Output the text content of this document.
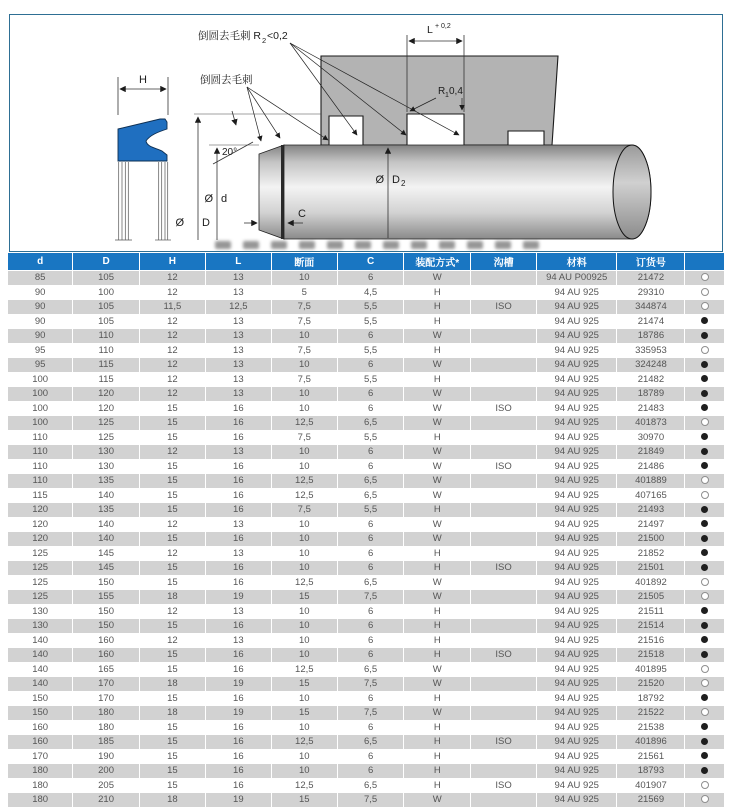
H
Ø D
Ø d
20°
倒圆去毛刺 R 2 <0,2
倒圆去毛刺
L + 0,2
R 1 0,4
Ø D 2
C
d	D	H	L	断面	C	装配方式*	沟槽	材料	订货号	
85	105	12	13	10	6	W		94 AU P00925	21472	
90	100	12	13	5	4,5	H		94 AU 925	29310	
90	105	11,5	12,5	7,5	5,5	H	ISO	94 AU 925	344874	
90	105	12	13	7,5	5,5	H		94 AU 925	21474	
90	110	12	13	10	6	W		94 AU 925	18786	
95	110	12	13	7,5	5,5	H		94 AU 925	335953	
95	115	12	13	10	6	W		94 AU 925	324248	
100	115	12	13	7,5	5,5	H		94 AU 925	21482	
100	120	12	13	10	6	W		94 AU 925	18789	
100	120	15	16	10	6	W	ISO	94 AU 925	21483	
100	125	15	16	12,5	6,5	W		94 AU 925	401873	
110	125	15	16	7,5	5,5	H		94 AU 925	30970	
110	130	12	13	10	6	W		94 AU 925	21849	
110	130	15	16	10	6	W	ISO	94 AU 925	21486	
110	135	15	16	12,5	6,5	W		94 AU 925	401889	
115	140	15	16	12,5	6,5	W		94 AU 925	407165	
120	135	15	16	7,5	5,5	H		94 AU 925	21493	
120	140	12	13	10	6	W		94 AU 925	21497	
120	140	15	16	10	6	W		94 AU 925	21500	
125	145	12	13	10	6	H		94 AU 925	21852	
125	145	15	16	10	6	H	ISO	94 AU 925	21501	
125	150	15	16	12,5	6,5	W		94 AU 925	401892	
125	155	18	19	15	7,5	W		94 AU 925	21505	
130	150	12	13	10	6	H		94 AU 925	21511	
130	150	15	16	10	6	H		94 AU 925	21514	
140	160	12	13	10	6	H		94 AU 925	21516	
140	160	15	16	10	6	H	ISO	94 AU 925	21518	
140	165	15	16	12,5	6,5	W		94 AU 925	401895	
140	170	18	19	15	7,5	W		94 AU 925	21520	
150	170	15	16	10	6	H		94 AU 925	18792	
150	180	18	19	15	7,5	W		94 AU 925	21522	
160	180	15	16	10	6	H		94 AU 925	21538	
160	185	15	16	12,5	6,5	H	ISO	94 AU 925	401896	
170	190	15	16	10	6	H		94 AU 925	21561	
180	200	15	16	10	6	H		94 AU 925	18793	
180	205	15	16	12,5	6,5	H	ISO	94 AU 925	401907	
180	210	18	19	15	7,5	W		94 AU 925	21569	
